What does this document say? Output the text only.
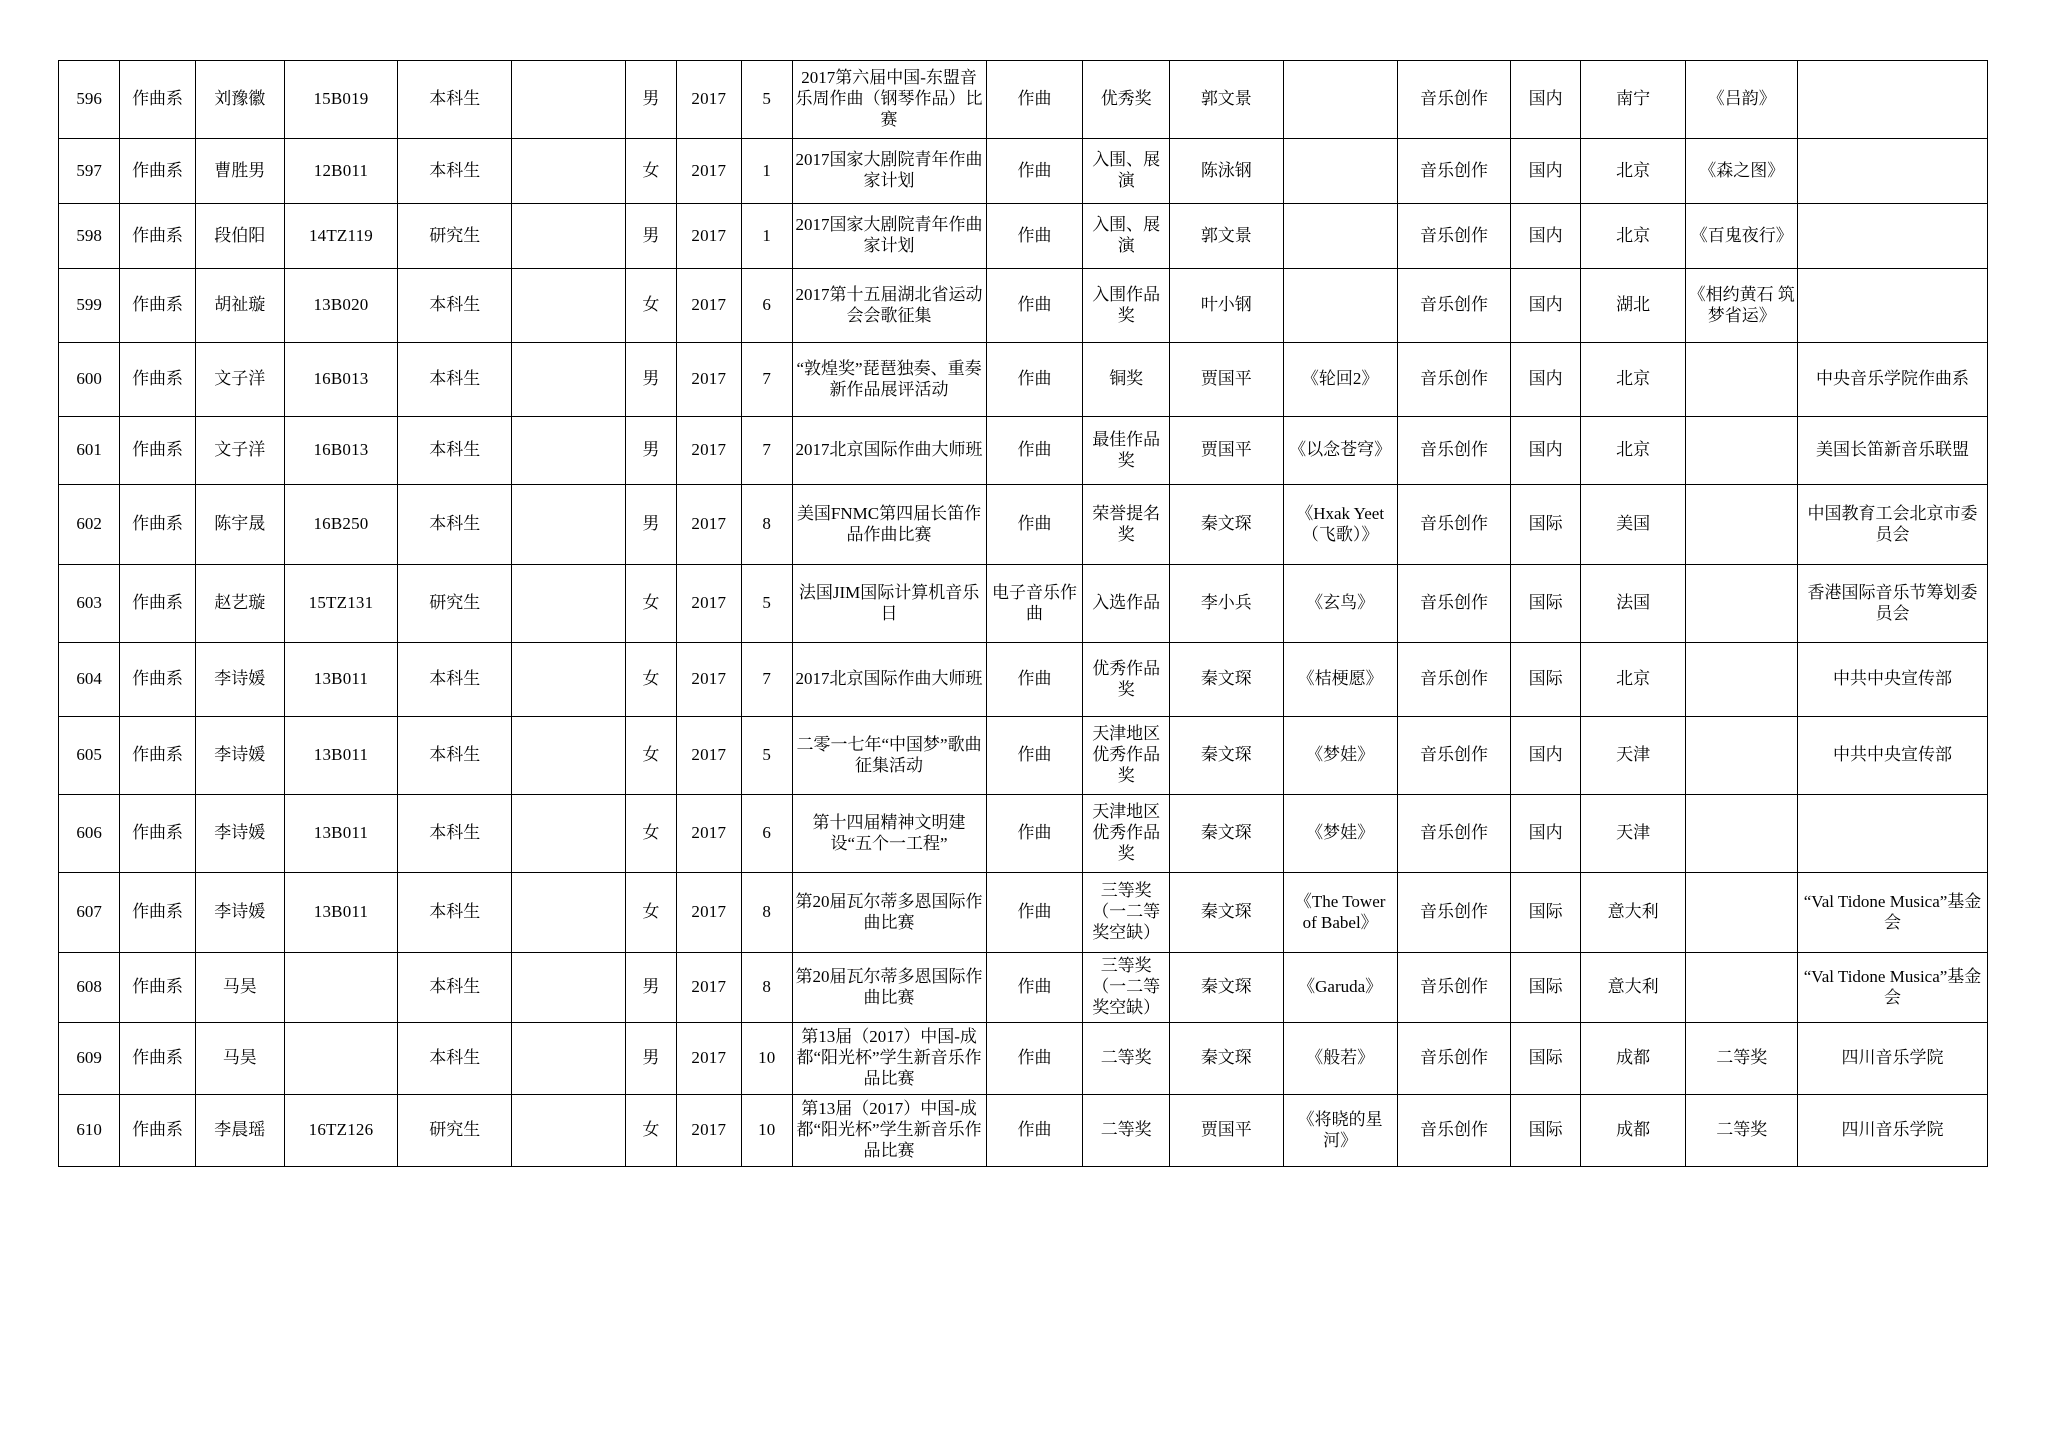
596	作曲系	刘豫徽	15B019	本科生		男	2017	5	2017第六届中国-东盟音乐周作曲（钢琴作品）比赛	作曲	优秀奖	郭文景		音乐创作	国内	南宁	《吕韵》	
597	作曲系	曹胜男	12B011	本科生		女	2017	1	2017国家大剧院青年作曲家计划	作曲	入围、展演	陈泳钢		音乐创作	国内	北京	《森之图》	
598	作曲系	段伯阳	14TZ119	研究生		男	2017	1	2017国家大剧院青年作曲家计划	作曲	入围、展演	郭文景		音乐创作	国内	北京	《百鬼夜行》	
599	作曲系	胡祉璇	13B020	本科生		女	2017	6	2017第十五届湖北省运动会会歌征集	作曲	入围作品奖	叶小钢		音乐创作	国内	湖北	《相约黄石 筑梦省运》	
600	作曲系	文子洋	16B013	本科生		男	2017	7	“敦煌奖”琵琶独奏、重奏新作品展评活动	作曲	铜奖	贾国平	《轮回2》	音乐创作	国内	北京		中央音乐学院作曲系
601	作曲系	文子洋	16B013	本科生		男	2017	7	2017北京国际作曲大师班	作曲	最佳作品奖	贾国平	《以念苍穹》	音乐创作	国内	北京		美国长笛新音乐联盟
602	作曲系	陈宇晟	16B250	本科生		男	2017	8	美国FNMC第四届长笛作品作曲比赛	作曲	荣誉提名奖	秦文琛	《Hxak Yeet（飞歌）》	音乐创作	国际	美国		中国教育工会北京市委员会
603	作曲系	赵艺璇	15TZ131	研究生		女	2017	5	法国JIM国际计算机音乐日	电子音乐作曲	入选作品	李小兵	《玄鸟》	音乐创作	国际	法国		香港国际音乐节筹划委员会
604	作曲系	李诗媛	13B011	本科生		女	2017	7	2017北京国际作曲大师班	作曲	优秀作品奖	秦文琛	《桔梗愿》	音乐创作	国际	北京		中共中央宣传部
605	作曲系	李诗媛	13B011	本科生		女	2017	5	二零一七年“中国梦”歌曲征集活动	作曲	天津地区优秀作品奖	秦文琛	《梦娃》	音乐创作	国内	天津		中共中央宣传部
606	作曲系	李诗媛	13B011	本科生		女	2017	6	第十四届精神文明建设“五个一工程”	作曲	天津地区优秀作品奖	秦文琛	《梦娃》	音乐创作	国内	天津		
607	作曲系	李诗媛	13B011	本科生		女	2017	8	第20届瓦尔蒂多恩国际作曲比赛	作曲	三等奖（一二等奖空缺）	秦文琛	《The Tower of Babel》	音乐创作	国际	意大利		“Val Tidone Musica”基金会
608	作曲系	马昊		本科生		男	2017	8	第20届瓦尔蒂多恩国际作曲比赛	作曲	三等奖（一二等奖空缺）	秦文琛	《Garuda》	音乐创作	国际	意大利		“Val Tidone Musica”基金会
609	作曲系	马昊		本科生		男	2017	10	第13届（2017）中国-成都“阳光杯”学生新音乐作品比赛	作曲	二等奖	秦文琛	《般若》	音乐创作	国际	成都	二等奖	四川音乐学院
610	作曲系	李晨瑶	16TZ126	研究生		女	2017	10	第13届（2017）中国-成都“阳光杯”学生新音乐作品比赛	作曲	二等奖	贾国平	《将晓的星河》	音乐创作	国际	成都	二等奖	四川音乐学院
